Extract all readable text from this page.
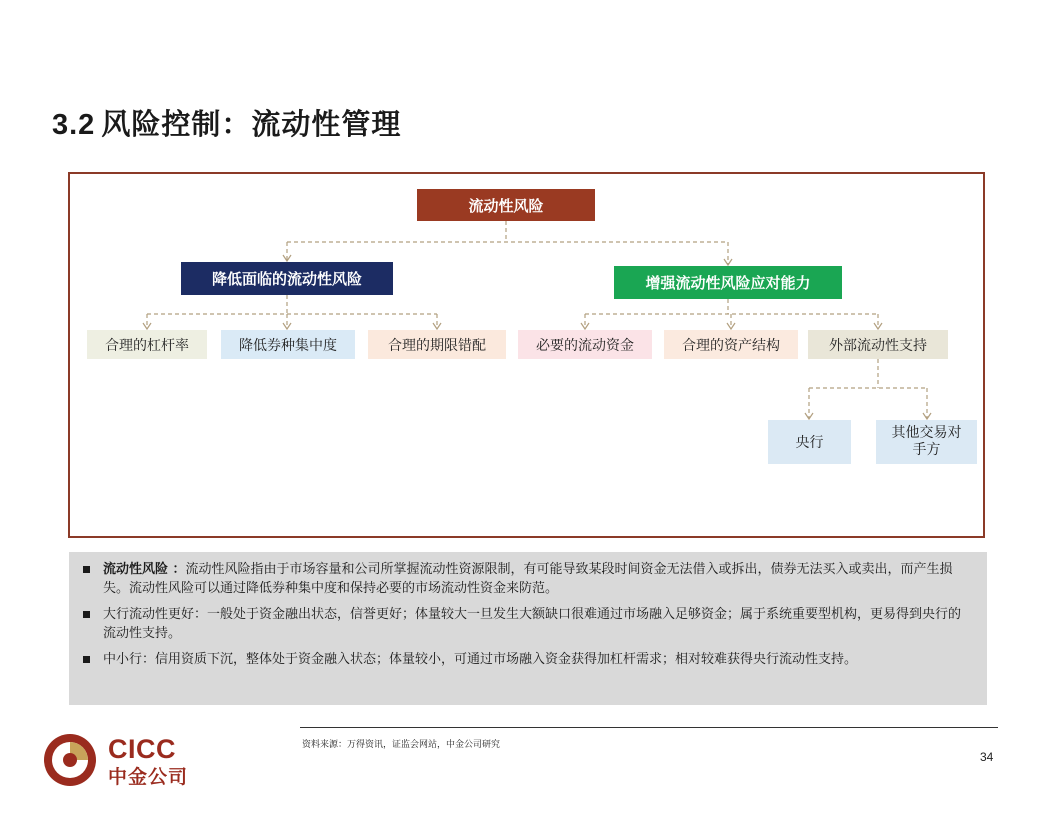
3.2 风险控制：流动性管理
流动性风险
降低面临的流动性风险	增强流动性风险应对能力
合理的杠杆率	降低券种集中度	合理的期限错配	必要的流动资金	合理的资产结构	外部流动性支持
央行
其他交易对
手方
流动性风险 ：流动性风险指由于市场容量和公司所掌握流动性资源限制，有可能导致某段时间资金无法借入或拆出，债券无法买入或卖出，而产生损失。流动性风险可以通过降低券种集中度和保持必要的市场流动性资金来防范。
大行流动性更好：一般处于资金融出状态，信誉更好；体量较大一旦发生大额缺口很难通过市场融入足够资金；属于系统重要型机构，更易得到央行的流动性支持。
中小行：信用资质下沉，整体处于资金融入状态；体量较小，可通过市场融入资金获得加杠杆需求；相对较难获得央行流动性支持。
资料来源：万得资讯，证监会网站，中金公司研究
34
CICC
中金公司
